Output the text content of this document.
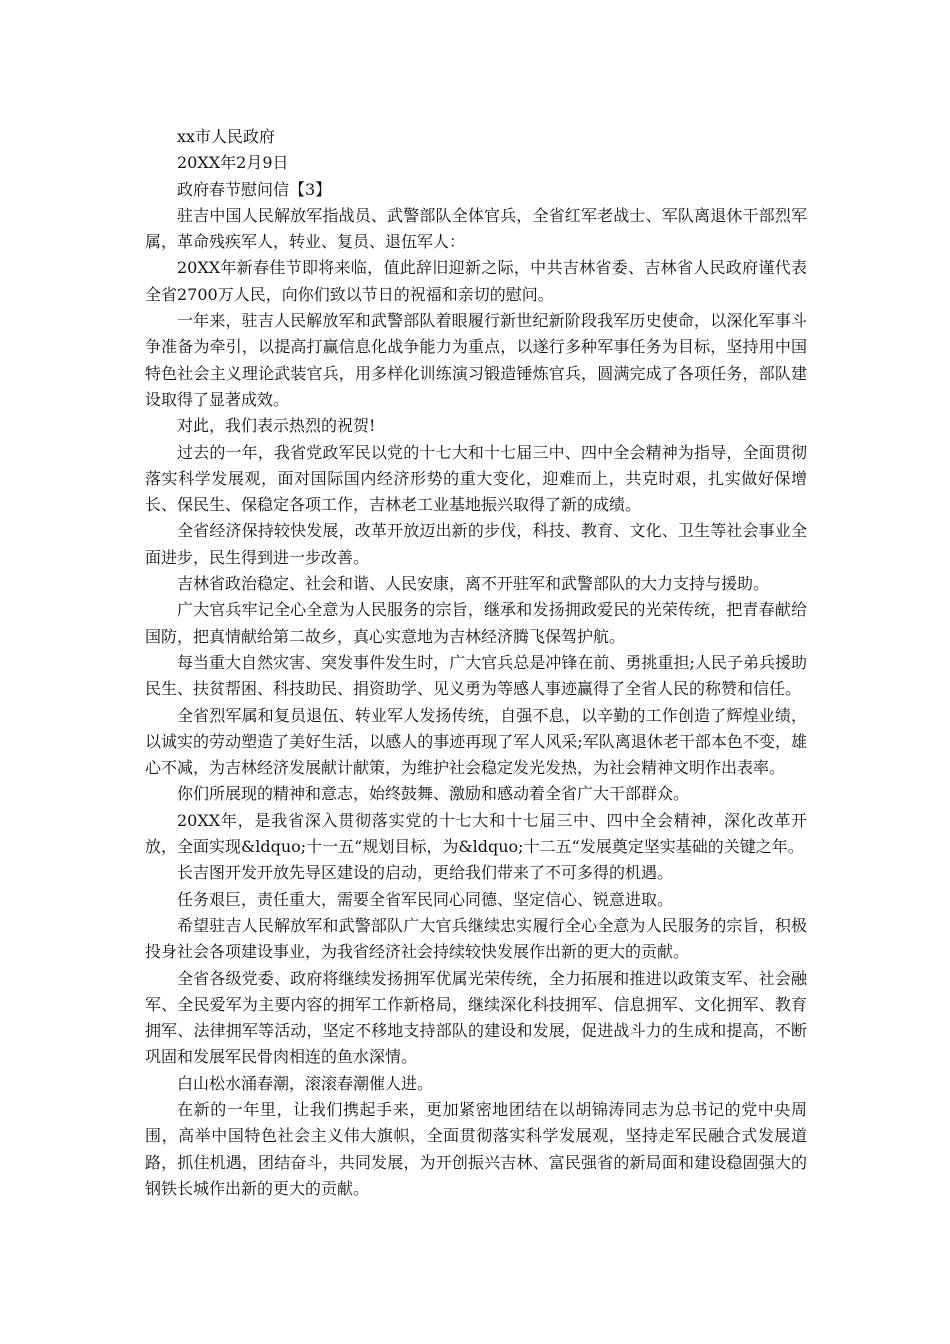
xx市人民政府

20XX年2月9日

政府春节慰问信【3】

驻吉中国人民解放军指战员、武警部队全体官兵，全省红军老战士、军队离退休干部烈军属，革命残疾军人，转业、复员、退伍军人：

20XX年新春佳节即将来临，值此辞旧迎新之际，中共吉林省委、吉林省人民政府谨代表全省2700万人民，向你们致以节日的祝福和亲切的慰问。

一年来，驻吉人民解放军和武警部队着眼履行新世纪新阶段我军历史使命，以深化军事斗争准备为牵引，以提高打赢信息化战争能力为重点，以遂行多种军事任务为目标，坚持用中国特色社会主义理论武装官兵，用多样化训练演习锻造锤炼官兵，圆满完成了各项任务，部队建设取得了显著成效。

对此，我们表示热烈的祝贺!

过去的一年，我省党政军民以党的十七大和十七届三中、四中全会精神为指导，全面贯彻落实科学发展观，面对国际国内经济形势的重大变化，迎难而上，共克时艰，扎实做好保增长、保民生、保稳定各项工作，吉林老工业基地振兴取得了新的成绩。

全省经济保持较快发展，改革开放迈出新的步伐，科技、教育、文化、卫生等社会事业全面进步，民生得到进一步改善。

吉林省政治稳定、社会和谐、人民安康，离不开驻军和武警部队的大力支持与援助。

广大官兵牢记全心全意为人民服务的宗旨，继承和发扬拥政爱民的光荣传统，把青春献给国防，把真情献给第二故乡，真心实意地为吉林经济腾飞保驾护航。

每当重大自然灾害、突发事件发生时，广大官兵总是冲锋在前、勇挑重担;人民子弟兵援助民生、扶贫帮困、科技助民、捐资助学、见义勇为等感人事迹赢得了全省人民的称赞和信任。

全省烈军属和复员退伍、转业军人发扬传统，自强不息，以辛勤的工作创造了辉煌业绩，以诚实的劳动塑造了美好生活，以感人的事迹再现了军人风采;军队离退休老干部本色不变，雄心不减，为吉林经济发展献计献策，为维护社会稳定发光发热，为社会精神文明作出表率。

你们所展现的精神和意志，始终鼓舞、激励和感动着全省广大干部群众。

20XX年，是我省深入贯彻落实党的十七大和十七届三中、四中全会精神，深化改革开放，全面实现&ldquo;十一五“规划目标，为&ldquo;十二五“发展奠定坚实基础的关键之年。

长吉图开发开放先导区建设的启动，更给我们带来了不可多得的机遇。

任务艰巨，责任重大，需要全省军民同心同德、坚定信心、锐意进取。

希望驻吉人民解放军和武警部队广大官兵继续忠实履行全心全意为人民服务的宗旨，积极投身社会各项建设事业，为我省经济社会持续较快发展作出新的更大的贡献。

全省各级党委、政府将继续发扬拥军优属光荣传统，全力拓展和推进以政策支军、社会融军、全民爱军为主要内容的拥军工作新格局，继续深化科技拥军、信息拥军、文化拥军、教育拥军、法律拥军等活动，坚定不移地支持部队的建设和发展，促进战斗力的生成和提高，不断巩固和发展军民骨肉相连的鱼水深情。

白山松水涌春潮，滚滚春潮催人进。

在新的一年里，让我们携起手来，更加紧密地团结在以胡锦涛同志为总书记的党中央周围，高举中国特色社会主义伟大旗帜，全面贯彻落实科学发展观，坚持走军民融合式发展道路，抓住机遇，团结奋斗，共同发展，为开创振兴吉林、富民强省的新局面和建设稳固强大的钢铁长城作出新的更大的贡献。
